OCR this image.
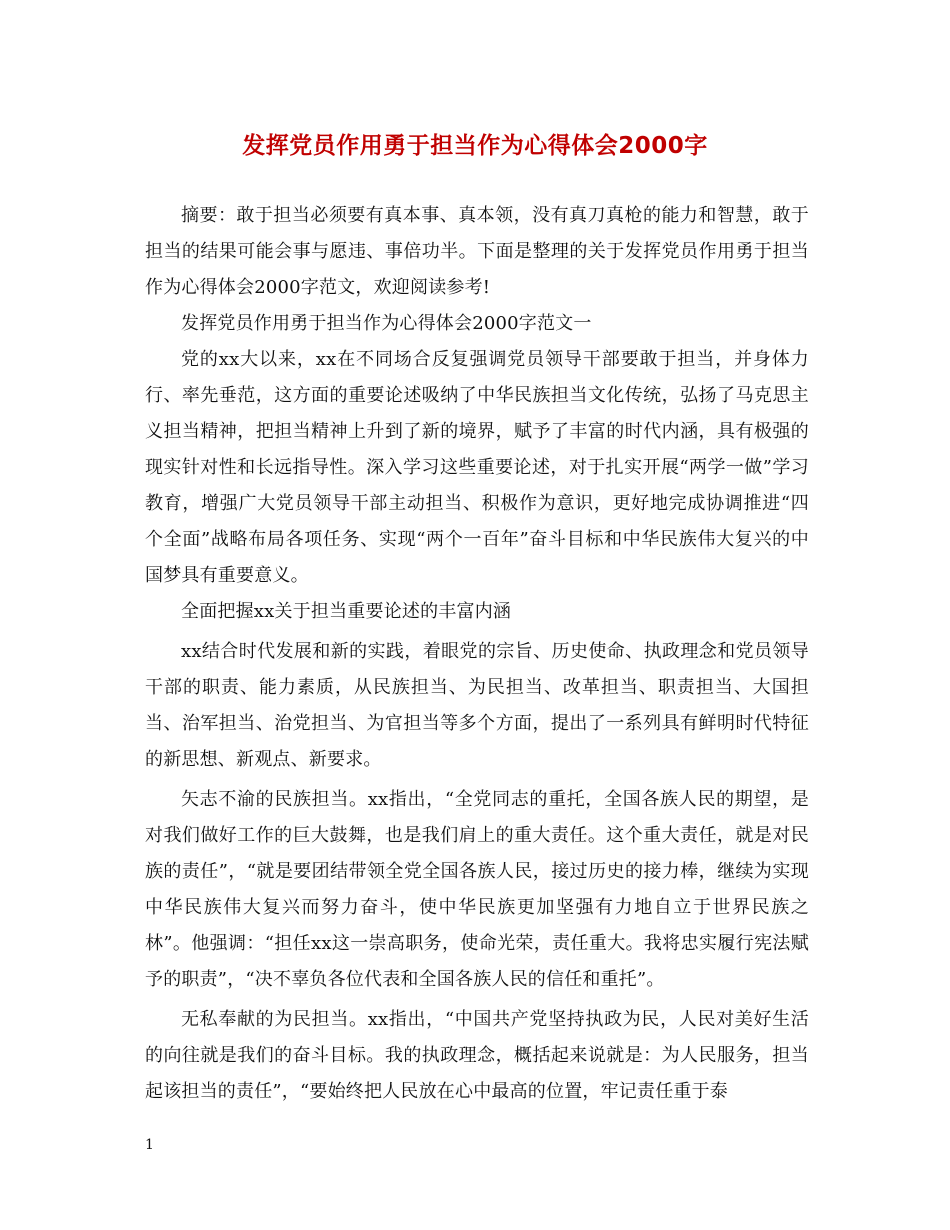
发挥党员作用勇于担当作为心得体会2000字

摘要：敢于担当必须要有真本事、真本领，没有真刀真枪的能力和智慧，敢于担当的结果可能会事与愿违、事倍功半。下面是整理的关于发挥党员作用勇于担当作为心得体会2000字范文，欢迎阅读参考!

发挥党员作用勇于担当作为心得体会2000字范文一

党的xx大以来，xx在不同场合反复强调党员领导干部要敢于担当，并身体力行、率先垂范，这方面的重要论述吸纳了中华民族担当文化传统，弘扬了马克思主义担当精神，把担当精神上升到了新的境界，赋予了丰富的时代内涵，具有极强的现实针对性和长远指导性。深入学习这些重要论述，对于扎实开展“两学一做”学习教育，增强广大党员领导干部主动担当、积极作为意识，更好地完成协调推进“四个全面”战略布局各项任务、实现“两个一百年”奋斗目标和中华民族伟大复兴的中国梦具有重要意义。

全面把握xx关于担当重要论述的丰富内涵

xx结合时代发展和新的实践，着眼党的宗旨、历史使命、执政理念和党员领导干部的职责、能力素质，从民族担当、为民担当、改革担当、职责担当、大国担当、治军担当、治党担当、为官担当等多个方面，提出了一系列具有鲜明时代特征的新思想、新观点、新要求。

矢志不渝的民族担当。xx指出，“全党同志的重托，全国各族人民的期望，是对我们做好工作的巨大鼓舞，也是我们肩上的重大责任。这个重大责任，就是对民族的责任”，“就是要团结带领全党全国各族人民，接过历史的接力棒，继续为实现中华民族伟大复兴而努力奋斗，使中华民族更加坚强有力地自立于世界民族之林”。他强调：“担任xx这一崇高职务，使命光荣，责任重大。我将忠实履行宪法赋予的职责”，“决不辜负各位代表和全国各族人民的信任和重托”。

无私奉献的为民担当。xx指出，“中国共产党坚持执政为民，人民对美好生活的向往就是我们的奋斗目标。我的执政理念，概括起来说就是：为人民服务，担当起该担当的责任”，“要始终把人民放在心中最高的位置，牢记责任重于泰

1
